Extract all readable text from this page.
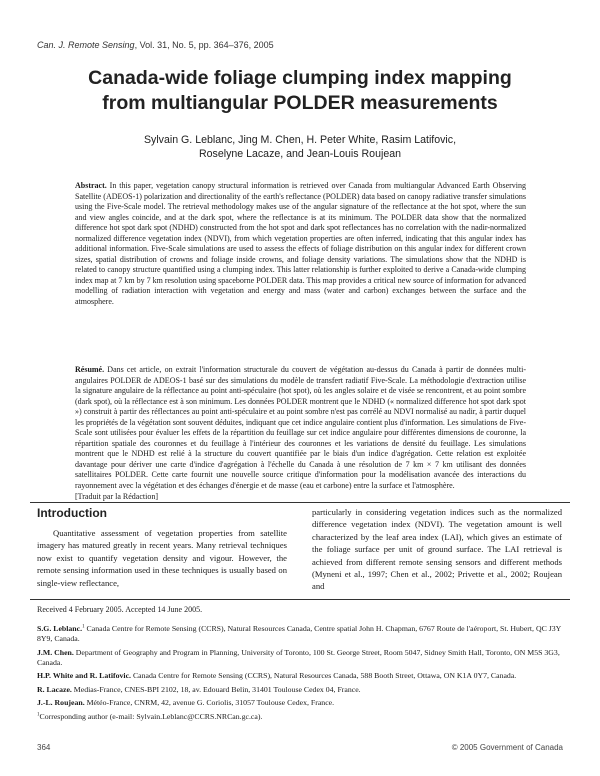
Can. J. Remote Sensing, Vol. 31, No. 5, pp. 364–376, 2005
Canada-wide foliage clumping index mapping
from multiangular POLDER measurements
Sylvain G. Leblanc, Jing M. Chen, H. Peter White, Rasim Latifovic,
Roselyne Lacaze, and Jean-Louis Roujean
Abstract. In this paper, vegetation canopy structural information is retrieved over Canada from multiangular Advanced Earth Observing Satellite (ADEOS-1) polarization and directionality of the earth's reflectance (POLDER) data based on canopy radiative transfer simulations using the Five-Scale model. The retrieval methodology makes use of the angular signature of the reflectance at the hot spot, where the sun and view angles coincide, and at the dark spot, where the reflectance is at its minimum. The POLDER data show that the normalized difference hot spot dark spot (NDHD) constructed from the hot spot and dark spot reflectances has no correlation with the nadir-normalized normalized difference vegetation index (NDVI), from which vegetation properties are often inferred, indicating that this angular index has additional information. Five-Scale simulations are used to assess the effects of foliage distribution on this angular index for different crown sizes, spatial distribution of crowns and foliage inside crowns, and foliage density variations. The simulations show that the NDHD is related to canopy structure quantified using a clumping index. This latter relationship is further exploited to derive a Canada-wide clumping index map at 7 km by 7 km resolution using spaceborne POLDER data. This map provides a critical new source of information for advanced modelling of radiation interaction with vegetation and energy and mass (water and carbon) exchanges between the surface and the atmosphere.
Résumé. Dans cet article, on extrait l'information structurale du couvert de végétation au-dessus du Canada à partir de données multi-angulaires POLDER de ADEOS-1 basé sur des simulations du modèle de transfert radiatif Five-Scale. La méthodologie d'extraction utilise la signature angulaire de la réflectance au point anti-spéculaire (hot spot), où les angles solaire et de visée se rencontrent, et au point sombre (dark spot), où la réflectance est à son minimum. Les données POLDER montrent que le NDHD (« normalized difference hot spot dark spot ») construit à partir des réflectances au point anti-spéculaire et au point sombre n'est pas corrélé au NDVI normalisé au nadir, à partir duquel les propriétés de la végétation sont souvent déduites, indiquant que cet indice angulaire contient plus d'information. Les simulations de Five-Scale sont utilisées pour évaluer les effets de la répartition du feuillage sur cet indice angulaire pour différentes dimensions de couronne, la répartition spatiale des couronnes et du feuillage à l'intérieur des couronnes et les variations de densité du feuillage. Les simulations montrent que le NDHD est relié à la structure du couvert quantifiée par le biais d'un indice d'agrégation. Cette relation est exploitée davantage pour dériver une carte d'indice d'agrégation à l'échelle du Canada à une résolution de 7 km × 7 km utilisant des données satellitaires POLDER. Cette carte fournit une nouvelle source critique d'information pour la modélisation avancée des interactions du rayonnement avec la végétation et des échanges d'énergie et de masse (eau et carbone) entre la surface et l'atmosphère.
[Traduit par la Rédaction]
Introduction
Quantitative assessment of vegetation properties from satellite imagery has matured greatly in recent years. Many retrieval techniques now exist to quantify vegetation density and vigour. However, the remote sensing information used in these techniques is usually based on single-view reflectance,
particularly in considering vegetation indices such as the normalized difference vegetation index (NDVI). The vegetation amount is well characterized by the leaf area index (LAI), which gives an estimate of the foliage surface per unit of ground surface. The LAI retrieval is achieved from different remote sensing sensors and different methods (Myneni et al., 1997; Chen et al., 2002; Privette et al., 2002; Roujean and
Received 4 February 2005. Accepted 14 June 2005.

S.G. Leblanc.$^1$ Canada Centre for Remote Sensing (CCRS), Natural Resources Canada, Centre spatial John H. Chapman, 6767 Route de l'aéroport, St. Hubert, QC J3Y 8Y9, Canada.

J.M. Chen. Department of Geography and Program in Planning, University of Toronto, 100 St. George Street, Room 5047, Sidney Smith Hall, Toronto, ON M5S 3G3, Canada.

H.P. White and R. Latifovic. Canada Centre for Remote Sensing (CCRS), Natural Resources Canada, 588 Booth Street, Ottawa, ON K1A 0Y7, Canada.

R. Lacaze. Medias-France, CNES-BPI 2102, 18, av. Edouard Belin, 31401 Toulouse Cedex 04, France.

J.-L. Roujean. Météo-France, CNRM, 42, avenue G. Coriolis, 31057 Toulouse Cedex, France.

$^1$Corresponding author (e-mail: Sylvain.Leblanc@CCRS.NRCan.gc.ca).

364	© 2005 Government of Canada
